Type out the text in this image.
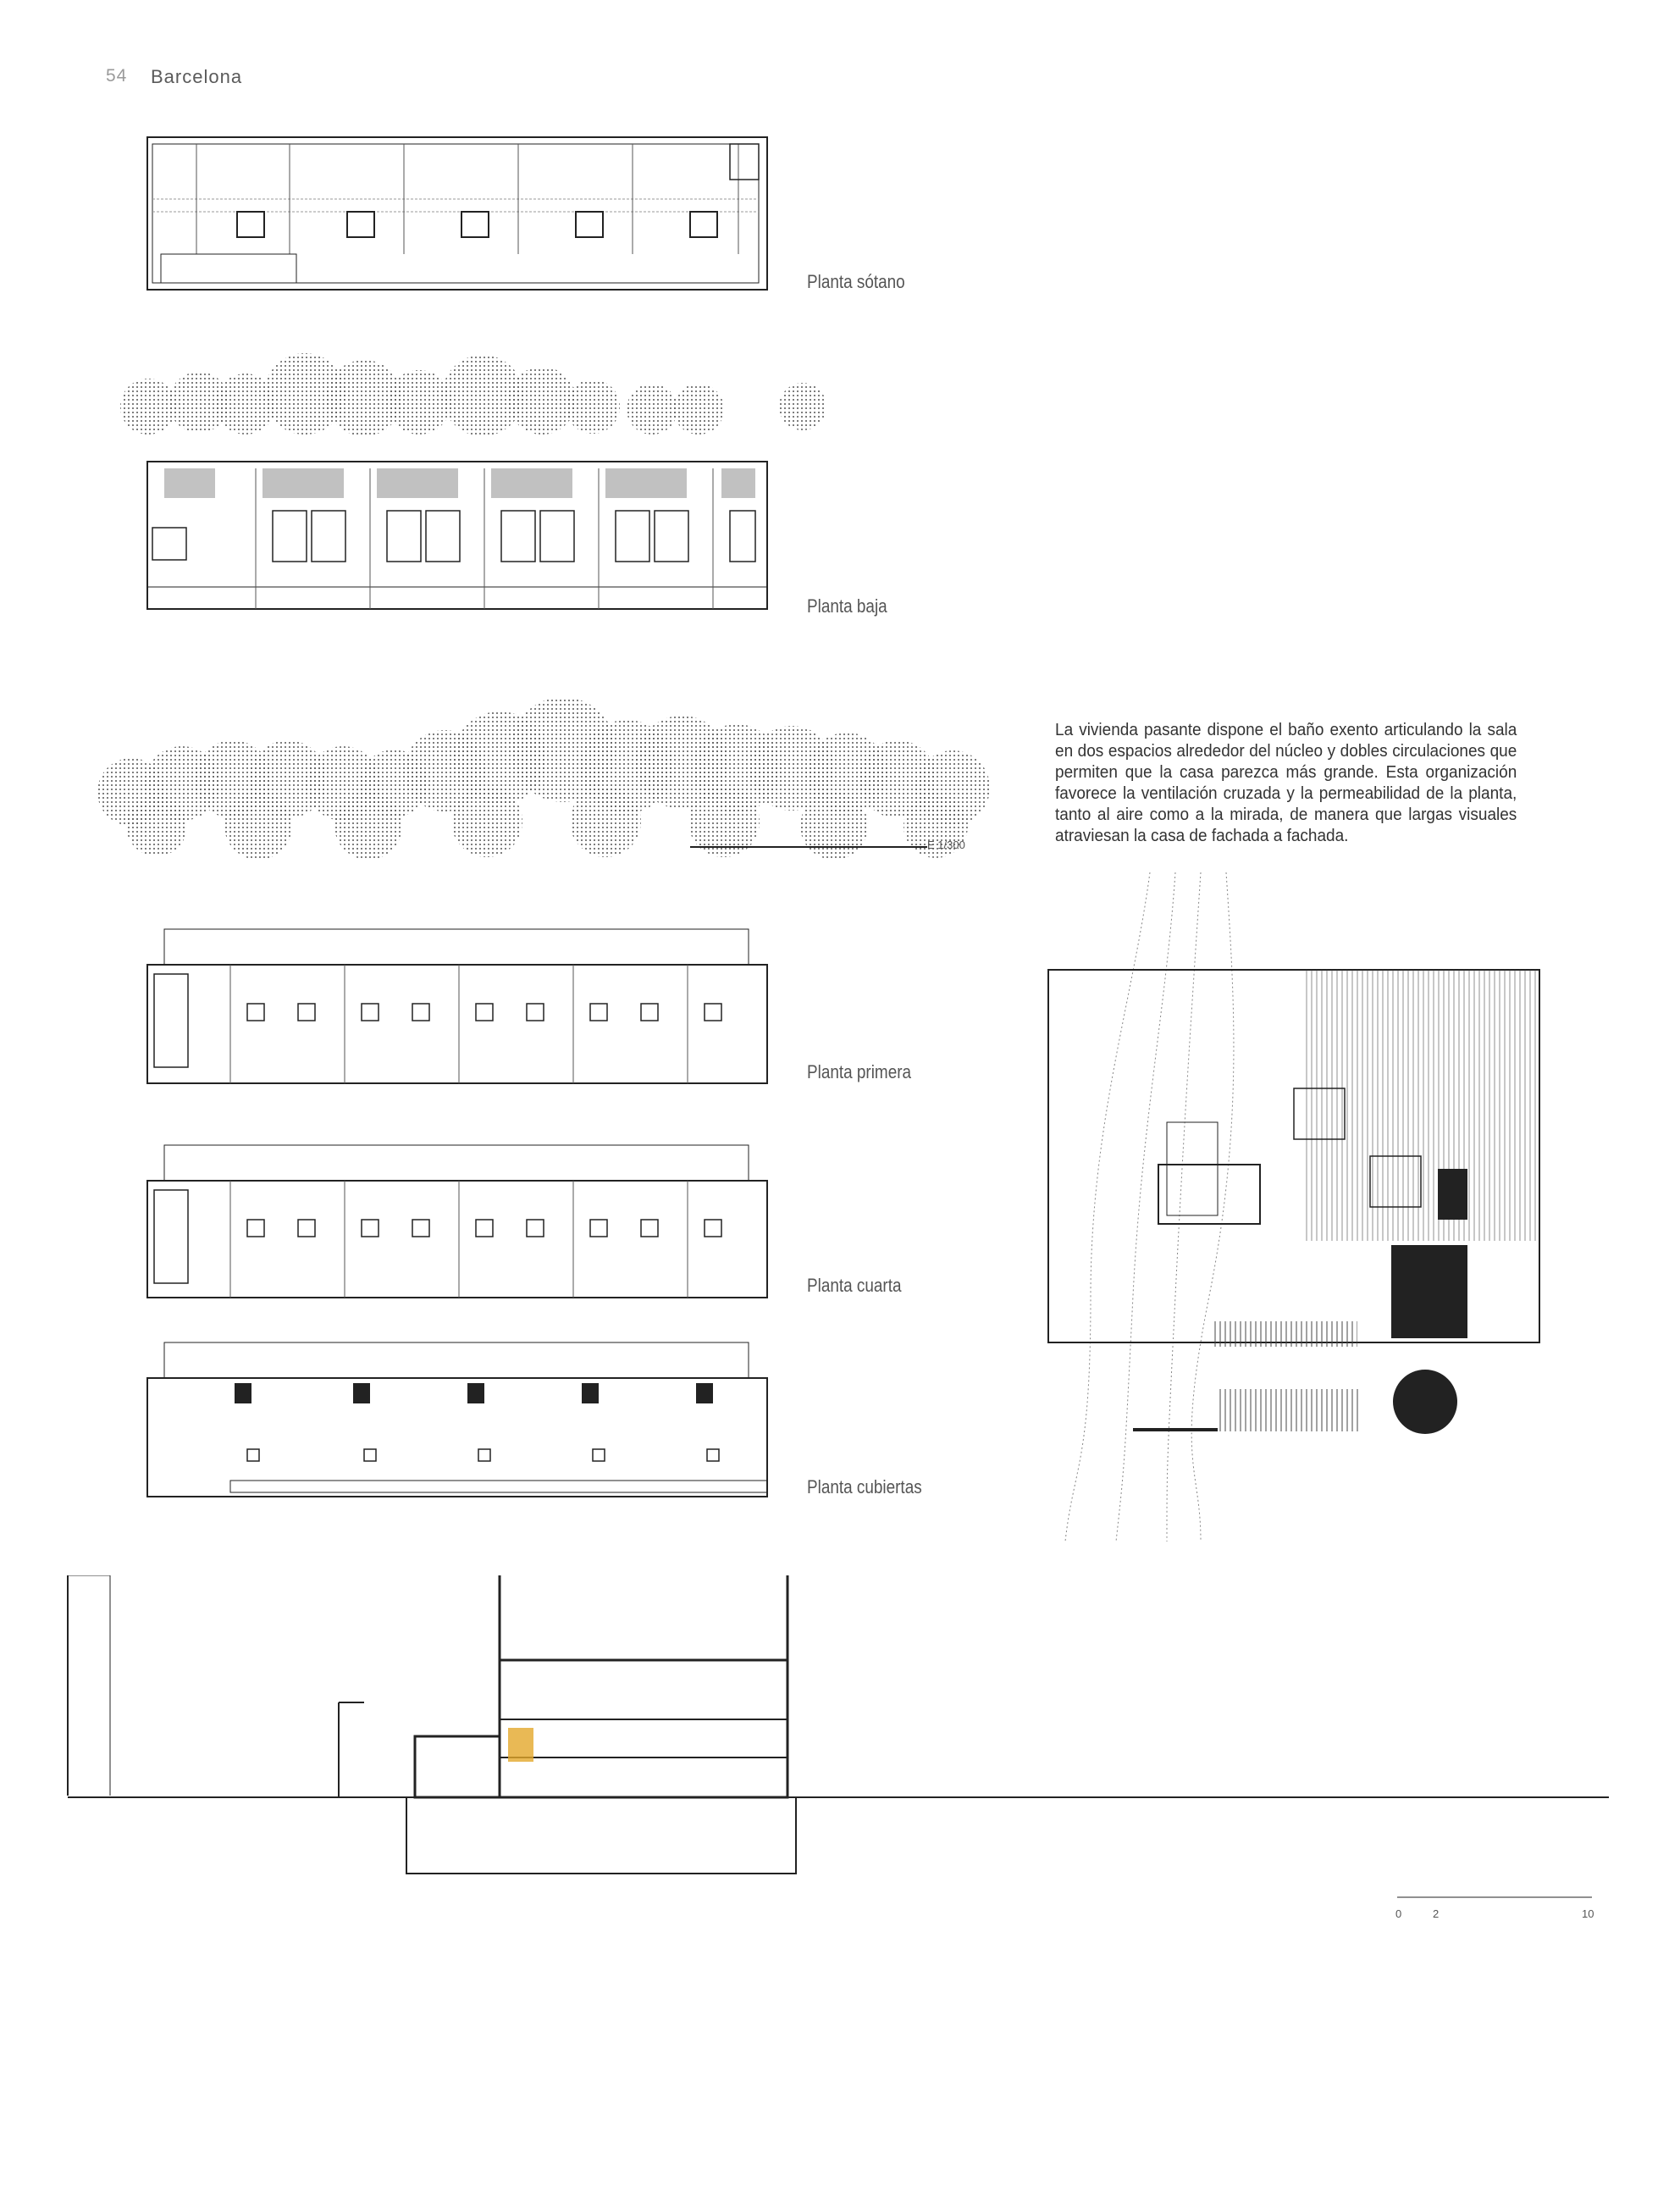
54 Barcelona
Planta sótano
Planta baja
E 1/300
La vivienda pasante dispone el baño exento articulando la sala en dos espacios alrededor del núcleo y dobles circulaciones que permiten que la casa parezca más grande. Esta organización favorece la ventilación cruzada y la permeabilidad de la planta, tanto al aire como a la mirada, de manera que largas visuales atraviesan la casa de fachada a fachada.
Planta primera
Planta cuarta
Planta cubiertas
0	2	10
